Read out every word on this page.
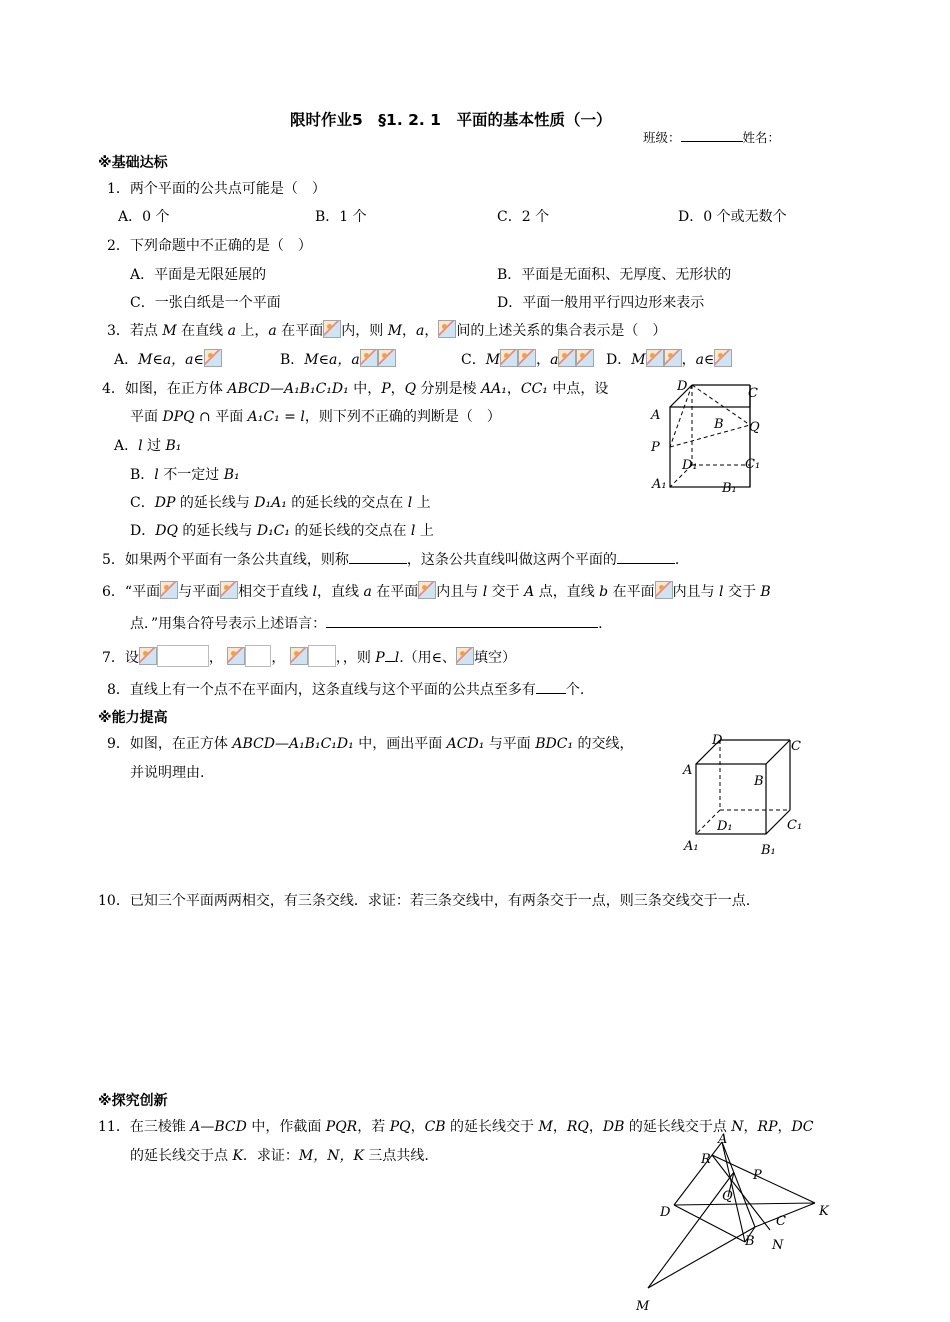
限时作业5　§1. 2. 1　平面的基本性质（一）
班级：	姓名：
※基础达标
1．两个平面的公共点可能是（　）
A．0 个	B．1 个	C．2 个	D．0 个或无数个
2．下列命题中不正确的是（　）
A．平面是无限延展的	B．平面是无面积、无厚度、无形状的
C．一张白纸是一个平面	D．平面一般用平行四边形来表示
3．若点 M 在直线 a 上，a 在平面 内，则 M，a， 间的上述关系的集合表示是（　）
A．M∈a，a∈	B．M∈a，a	C．M	，a	D．M	，a∈
4．如图，在正方体 ABCD—A₁B₁C₁D₁ 中，P，Q 分别是棱 AA₁，CC₁ 中点，设
平面 DPQ ∩ 平面 A₁C₁ = l，则下列不正确的判断是（　）
A．l 过 B₁
B．l 不一定过 B₁
C．DP 的延长线与 D₁A₁ 的延长线的交点在 l 上
D．DQ 的延长线与 D₁C₁ 的延长线的交点在 l 上
D	C
A
B Q
P
D₁	C₁
A₁	B₁
5．如果两个平面有一条公共直线，则称	，这条公共直线叫做这两个平面的	.
6．“平面 与平面 相交于直线 l，直线 a 在平面 内且与 l 交于 A 点，直线 b 在平面 内且与 l 交于 B
点．”用集合符号表示上述语言：	.
7．设	，	，	，，则 P l.（用∈、 填空）
8．直线上有一个点不在平面内，这条直线与这个平面的公共点至多有 个.
※能力提高
9．如图，在正方体 ABCD—A₁B₁C₁D₁ 中，画出平面 ACD₁ 与平面 BDC₁ 的交线，
并说明理由.
D	C
A
B
D₁	C₁
A₁	B₁
10．已知三个平面两两相交，有三条交线．求证：若三条交线中，有两条交于一点，则三条交线交于一点.
※探究创新
11．在三棱锥 A—BCD 中，作截面 PQR，若 PQ，CB 的延长线交于 M，RQ，DB 的延长线交于点 N，RP，DC
的延长线交于点 K．求证：M，N，K 三点共线.
A
R
P
Q
D	K
C
B N
M
